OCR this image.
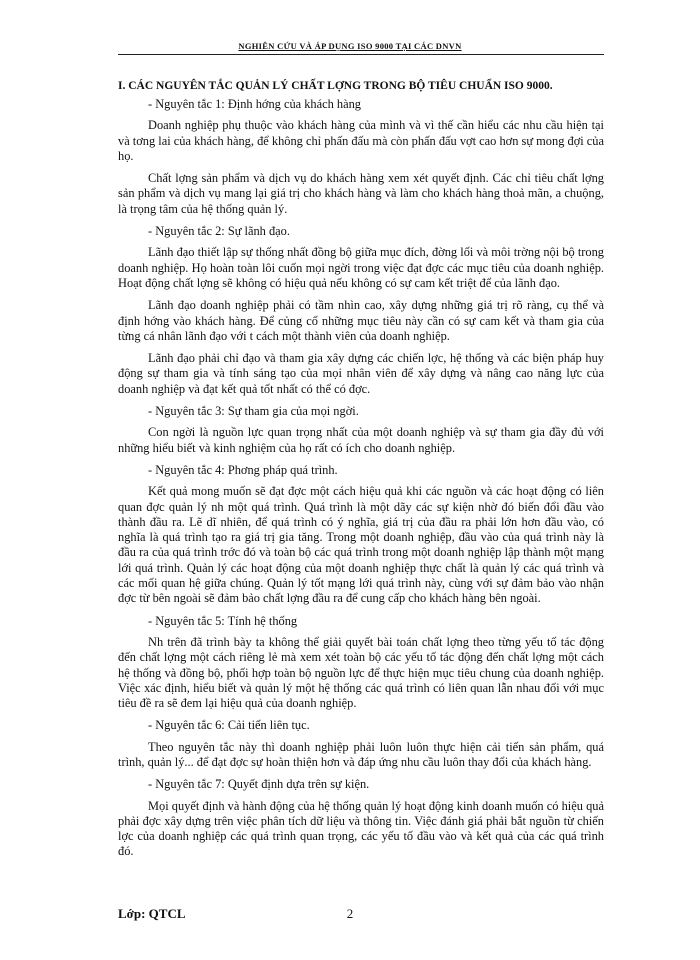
NGHIÊN CỨU VÀ ÁP DỤNG ISO 9000 TẠI CÁC DNVN
I. CÁC NGUYÊN TẮC QUẢN LÝ CHẤT LỢNG TRONG BỘ TIÊU CHUẨN ISO 9000.

- Nguyên tắc 1: Định hớng của khách hàng

Doanh nghiệp phụ thuộc vào khách hàng của mình và vì thế cần hiểu các nhu cầu hiện tại và tơng lai của khách hàng, để không chỉ phấn đấu mà còn phấn đấu vợt cao hơn sự mong đợi của họ.

Chất lợng sản phẩm và dịch vụ do khách hàng xem xét quyết định. Các chỉ tiêu chất lợng sản phẩm và dịch vụ mang lại giá trị cho khách hàng và làm cho khách hàng thoả mãn, a chuộng, là trọng tâm của hệ thống quản lý.

- Nguyên tắc 2: Sự lãnh đạo.

Lãnh đạo thiết lập sự thống nhất đồng bộ giữa mục đích, đờng lối và môi trờng nội bộ trong doanh nghiệp. Họ hoàn toàn lôi cuốn mọi ngời trong việc đạt đợc các mục tiêu của doanh nghiệp. Hoạt động chất lợng sẽ không có hiệu quả nếu không có sự cam kết triệt để của lãnh đạo.

Lãnh đạo doanh nghiệp phải có tầm nhìn cao, xây dựng những giá trị rõ ràng, cụ thể và định hớng vào khách hàng. Để củng cố những mục tiêu này cần có sự cam kết và tham gia của từng cá nhân lãnh đạo với t cách một thành viên của doanh nghiệp.

Lãnh đạo phải chỉ đạo và tham gia xây dựng các chiến lợc, hệ thống và các biện pháp huy động sự tham gia và tính sáng tạo của mọi nhân viên để xây dựng và nâng cao năng lực của doanh nghiệp và đạt kết quả tốt nhất có thể có đợc.

- Nguyên tắc 3: Sự tham gia của mọi ngời.

Con ngời là nguồn lực quan trọng nhất của một doanh nghiệp và sự tham gia đầy đủ với những hiểu biết và kinh nghiệm của họ rất có ích cho doanh nghiệp.

- Nguyên tắc 4: Phơng pháp quá trình.

Kết quả mong muốn sẽ đạt đợc một cách hiệu quả khi các nguồn và các hoạt động có liên quan đợc quản lý nh một quá trình. Quá trình là một dãy các sự kiện nhờ đó biến đổi đầu vào thành đầu ra. Lẽ dĩ nhiên, để quá trình có ý nghĩa, giá trị của đầu ra phải lớn hơn đầu vào, có nghĩa là quá trình tạo ra giá trị gia tăng. Trong một doanh nghiệp, đầu vào của quá trình này là đầu ra của quá trình trớc đó và toàn bộ các quá trình trong một doanh nghiệp lập thành một mạng lới quá trình. Quản lý các hoạt động của một doanh nghiệp thực chất là quản lý các quá trình và các mối quan hệ giữa chúng. Quản lý tốt mạng lới quá trình này, cùng với sự đảm bảo vào nhận đợc từ bên ngoài sẽ đảm bảo chất lợng đầu ra để cung cấp cho khách hàng bên ngoài.

- Nguyên tắc 5: Tính hệ thống

Nh trên đã trình bày ta không thể giải quyết bài toán chất lợng theo từng yếu tố tác động đến chất lợng một cách riêng lẻ mà xem xét toàn bộ các yếu tố tác động đến chất lợng một cách hệ thống và đồng bộ, phối hợp toàn bộ nguồn lực để thực hiện mục tiêu chung của doanh nghiệp. Việc xác định, hiểu biết và quản lý một hệ thống các quá trình có liên quan lẫn nhau đối với mục tiêu đề ra sẽ đem lại hiệu quả của doanh nghiệp.

- Nguyên tắc 6: Cải tiến liên tục.

Theo nguyên tắc này thì doanh nghiệp phải luôn luôn thực hiện cải tiến sản phẩm, quá trình, quản lý... để đạt đợc sự hoàn thiện hơn và đáp ứng nhu cầu luôn thay đổi của khách hàng.

- Nguyên tắc 7: Quyết định dựa trên sự kiện.

Mọi quyết định và hành động của hệ thống quản lý hoạt động kinh doanh muốn có hiệu quả phải đợc xây dựng trên việc phân tích dữ liệu và thông tin. Việc đánh giá phải bắt nguồn từ chiến lợc của doanh nghiệp các quá trình quan trọng, các yếu tố đầu vào và kết quả của các quá trình đó.

Lớp: QTCL	2
